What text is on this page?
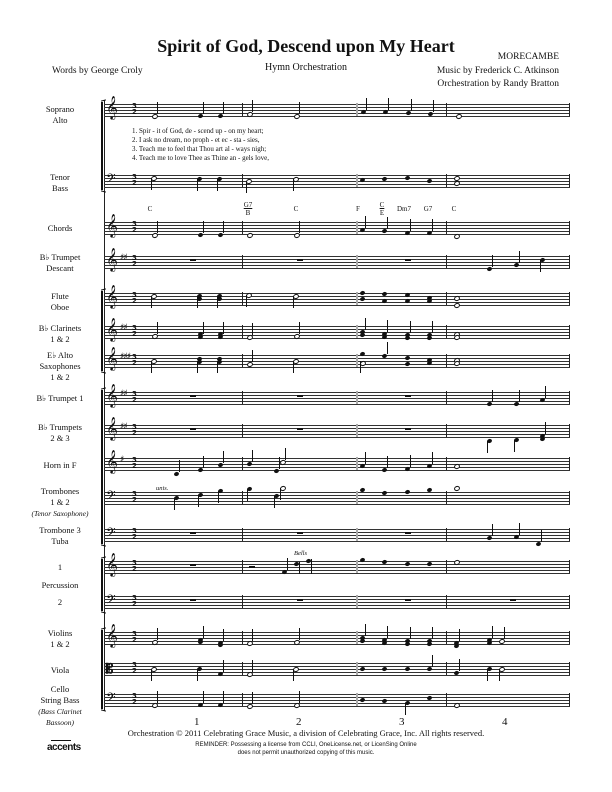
Spirit of God, Descend upon My Heart
Hymn Orchestration
Words by George Croly
MORECAMBE
Music by Frederick C. Atkinson
Orchestration by Randy Bratton
Soprano
Alto
Tenor
Bass
Chords
B♭ Trumpet
Descant
Flute
Oboe
B♭ Clarinets
1 & 2
E♭ Alto
Saxophones
1 & 2
B♭ Trumpet 1
B♭ Trumpets
2 & 3
Horn in F
Trombones
1 & 2
(Tenor Saxophone)
Trombone 3
Tuba
1
Percussion
2
Violins
1 & 2
Viola
Cello
String Bass
(Bass Clarinet
Bassoon)
𝄞 3
2
1. Spir - it of God, de - scend up - on my heart;
2. I ask no dream, no proph - et ec - sta - sies,
3. Teach me to feel that Thou art al - ways nigh;
4. Teach me to love Thee as Thine an - gels love,
𝄢 3
2
C	G7
B	C	F	C
E	Dm7	G7	C
𝄞 3
2
𝄞 ♯♯ 3
2
𝄞 3
2
𝄞 ♯♯ 3
2
𝄞 ♯♯♯ 3
2
𝄞 ♯♯ 3
2
𝄞 ♯♯ 3
2
𝄞 ♯ 3
2
unis.
𝄢 3
2
𝄢 3
2
Bells
𝄞 3
2
𝄢 3
2
𝄞 3
2
𝄡	3
2
𝄢 3
2
1	2	3	4
Orchestration © 2011 Celebrating Grace Music, a division of Celebrating Grace, Inc. All rights reserved.
REMINDER: Possessing a license from CCLI, OneLicense.net, or LicenSing Online
does not permit unauthorized copying of this music.
accents
